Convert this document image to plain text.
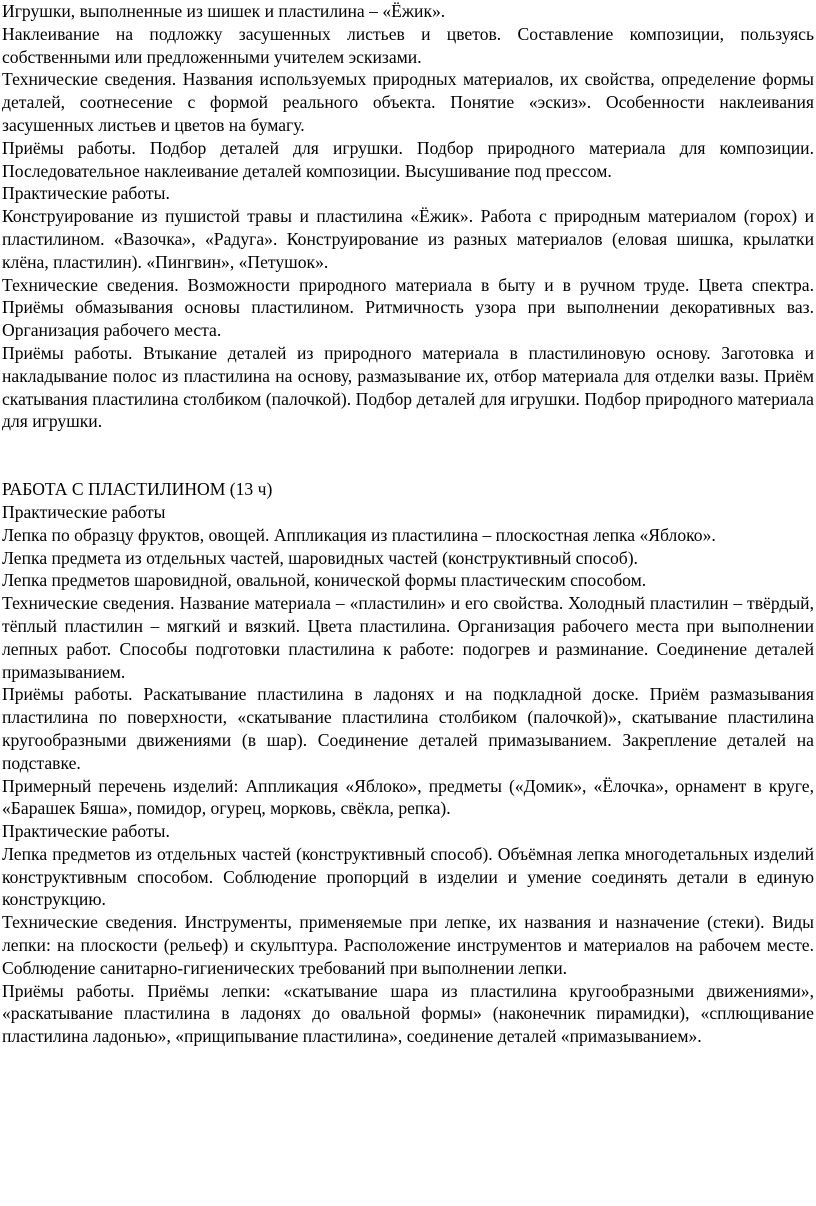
Игрушки, выполненные из шишек и пластилина – «Ёжик».

Наклеивание на подложку засушенных листьев и цветов. Составление композиции, пользуясь собственными или предложенными учителем эскизами.

Технические сведения. Названия используемых природных материалов, их свойства, определение формы деталей, соотнесение с формой реального объекта. Понятие «эскиз». Особенности наклеивания засушенных листьев и цветов на бумагу.

Приёмы работы. Подбор деталей для игрушки. Подбор природного материала для композиции. Последовательное наклеивание деталей композиции. Высушивание под прессом.

Практические работы.

Конструирование из пушистой травы и пластилина «Ёжик». Работа с природным материалом (горох) и пластилином. «Вазочка», «Радуга». Конструирование из разных материалов (еловая шишка, крылатки клёна, пластилин). «Пингвин», «Петушок».

Технические сведения. Возможности природного материала в быту и в ручном труде. Цвета спектра. Приёмы обмазывания основы пластилином. Ритмичность узора при выполнении декоративных ваз. Организация рабочего места.

Приёмы работы. Втыкание деталей из природного материала в пластилиновую основу. Заготовка и накладывание полос из пластилина на основу, размазывание их, отбор материала для отделки вазы. Приём скатывания пластилина столбиком (палочкой). Подбор деталей для игрушки. Подбор природного материала для игрушки.

РАБОТА С ПЛАСТИЛИНОМ (13 ч)

Практические работы

Лепка по образцу фруктов, овощей. Аппликация из пластилина – плоскостная лепка «Яблоко».

Лепка предмета из отдельных частей, шаровидных частей (конструктивный способ).

Лепка предметов шаровидной, овальной, конической формы пластическим способом.

Технические сведения. Название материала – «пластилин» и его свойства. Холодный пластилин – твёрдый, тёплый пластилин – мягкий и вязкий. Цвета пластилина. Организация рабочего места при выполнении лепных работ. Способы подготовки пластилина к работе: подогрев и разминание. Соединение деталей примазыванием.

Приёмы работы. Раскатывание пластилина в ладонях и на подкладной доске. Приём размазывания пластилина по поверхности, «скатывание пластилина столбиком (палочкой)», скатывание пластилина кругообразными движениями (в шар). Соединение деталей примазыванием. Закрепление деталей на подставке.

Примерный перечень изделий: Аппликация «Яблоко», предметы («Домик», «Ёлочка», орнамент в круге, «Барашек Бяша», помидор, огурец, морковь, свёкла, репка).

Практические работы.

Лепка предметов из отдельных частей (конструктивный способ). Объёмная лепка многодетальных изделий конструктивным способом. Соблюдение пропорций в изделии и умение соединять детали в единую конструкцию.

Технические сведения. Инструменты, применяемые при лепке, их названия и назначение (стеки). Виды лепки: на плоскости (рельеф) и скульптура. Расположение инструментов и материалов на рабочем месте. Соблюдение санитарно-гигиенических требований при выполнении лепки.

Приёмы работы. Приёмы лепки: «скатывание шара из пластилина кругообразными движениями», «раскатывание пластилина в ладонях до овальной формы» (наконечник пирамидки), «сплющивание пластилина ладонью», «прищипывание пластилина», соединение деталей «примазыванием».
